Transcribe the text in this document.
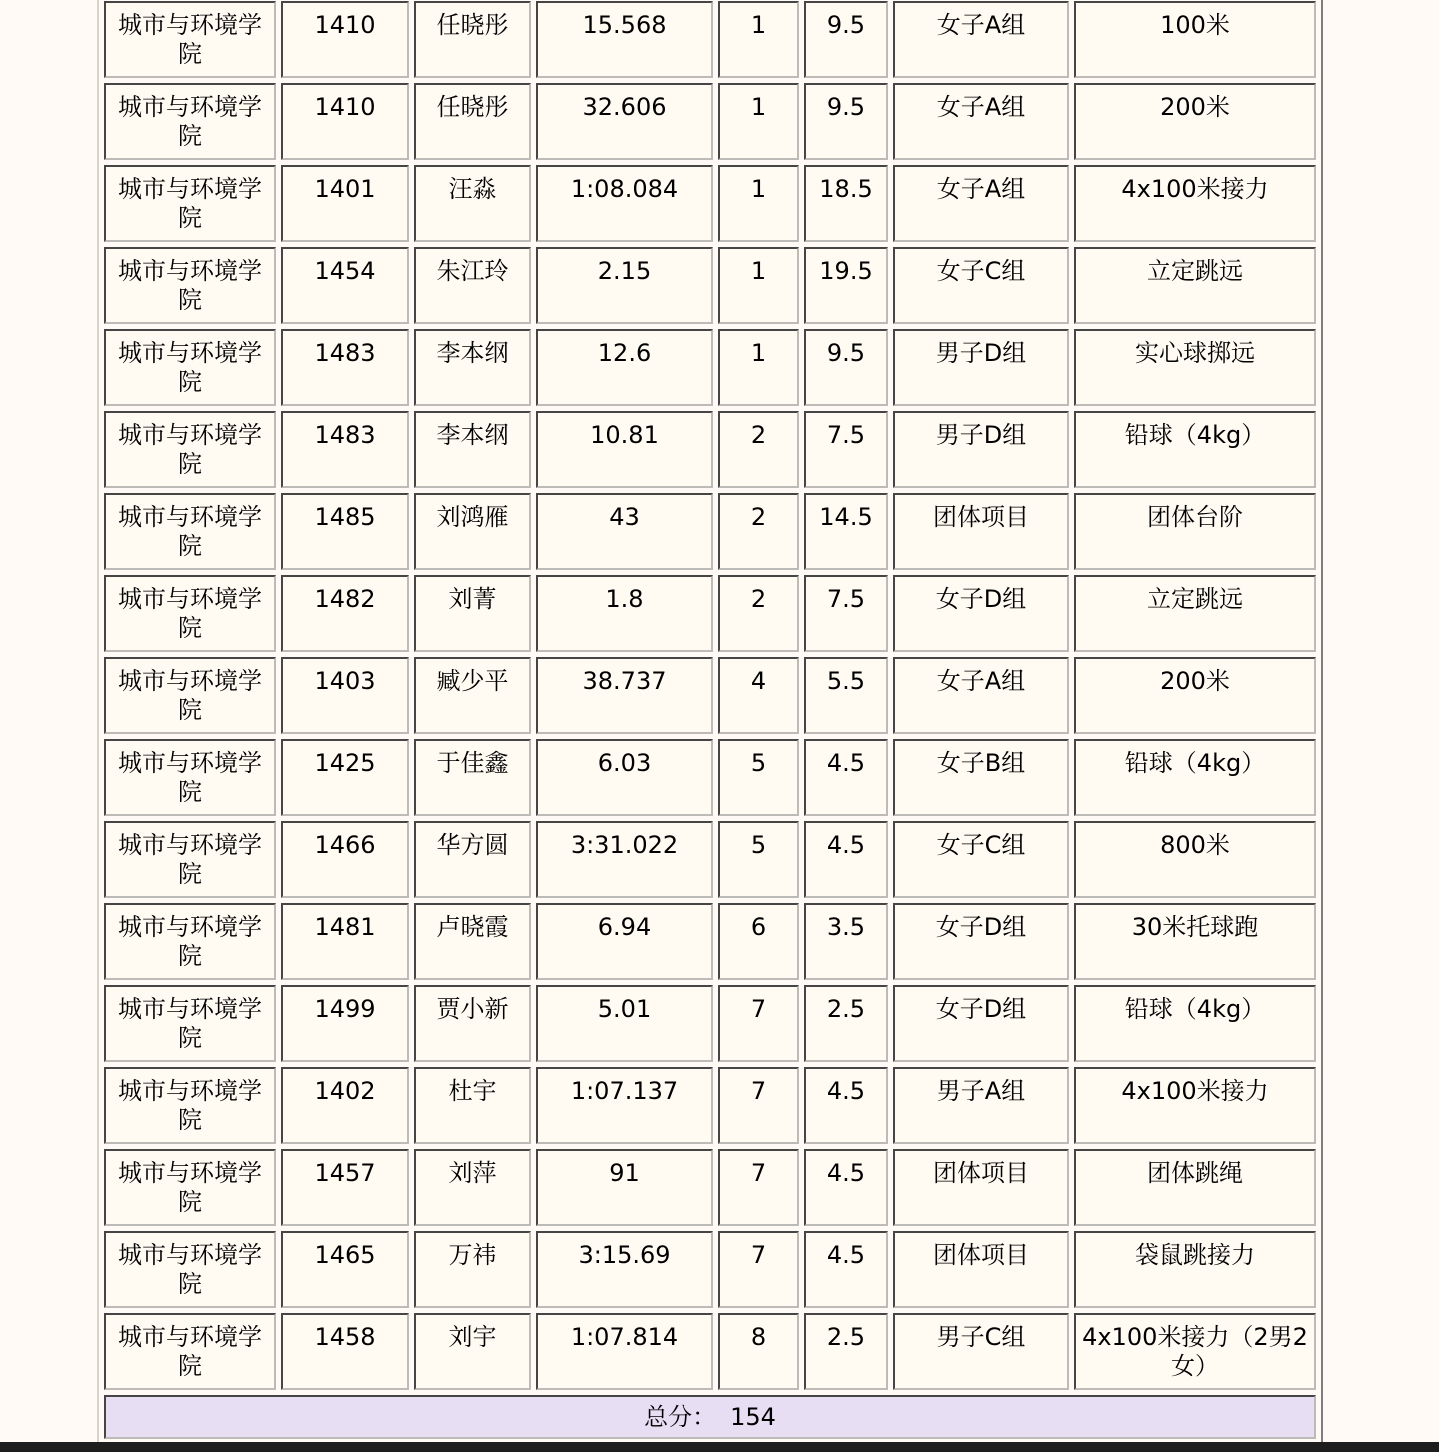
城市与环境学院	1410	任晓彤	15.568	1	9.5	女子A组	100米
城市与环境学院	1410	任晓彤	32.606	1	9.5	女子A组	200米
城市与环境学院	1401	汪淼	1:08.084	1	18.5	女子A组	4x100米接力
城市与环境学院	1454	朱江玲	2.15	1	19.5	女子C组	立定跳远
城市与环境学院	1483	李本纲	12.6	1	9.5	男子D组	实心球掷远
城市与环境学院	1483	李本纲	10.81	2	7.5	男子D组	铅球（4kg）
城市与环境学院	1485	刘鸿雁	43	2	14.5	团体项目	团体台阶
城市与环境学院	1482	刘菁	1.8	2	7.5	女子D组	立定跳远
城市与环境学院	1403	臧少平	38.737	4	5.5	女子A组	200米
城市与环境学院	1425	于佳鑫	6.03	5	4.5	女子B组	铅球（4kg）
城市与环境学院	1466	华方圆	3:31.022	5	4.5	女子C组	800米
城市与环境学院	1481	卢晓霞	6.94	6	3.5	女子D组	30米托球跑
城市与环境学院	1499	贾小新	5.01	7	2.5	女子D组	铅球（4kg）
城市与环境学院	1402	杜宇	1:07.137	7	4.5	男子A组	4x100米接力
城市与环境学院	1457	刘萍	91	7	4.5	团体项目	团体跳绳
城市与环境学院	1465	万祎	3:15.69	7	4.5	团体项目	袋鼠跳接力
城市与环境学院	1458	刘宇	1:07.814	8	2.5	男子C组	4x100米接力（2男2女）
总分： 154							
